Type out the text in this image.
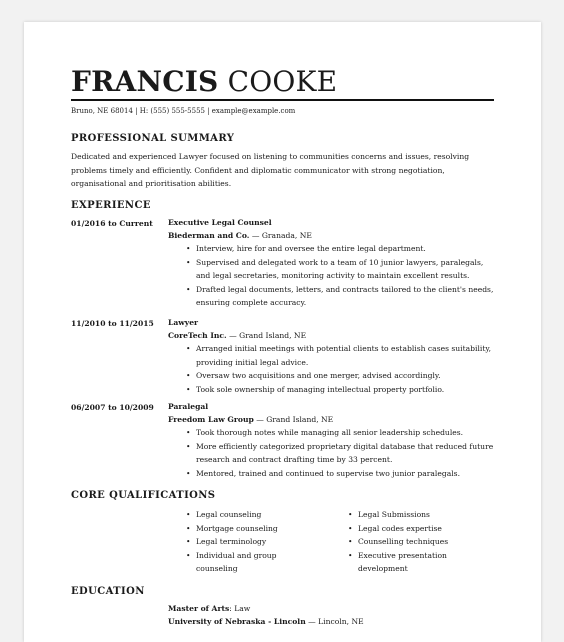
FRANCIS COOKE
Bruno, NE 68014 | H: (555) 555-5555 | example@example.com
PROFESSIONAL SUMMARY
Dedicated and experienced Lawyer focused on listening to communities concerns and issues, resolving problems timely and efficiently. Confident and diplomatic communicator with strong negotiation, organisational and prioritisation abilities.
EXPERIENCE
01/2016 to Current Executive Legal Counsel
Biederman and Co. — Granada, NE
• Interview, hire for and oversee the entire legal department.
• Supervised and delegated work to a team of 10 junior lawyers, paralegals, and legal secretaries, monitoring activity to maintain excellent results.
• Drafted legal documents, letters, and contracts tailored to the client's needs, ensuring complete accuracy.
11/2010 to 11/2015 Lawyer
CoreTech Inc. — Grand Island, NE
• Arranged initial meetings with potential clients to establish cases suitability, providing initial legal advice.
• Oversaw two acquisitions and one merger, advised accordingly.
• Took sole ownership of managing intellectual property portfolio.
06/2007 to 10/2009 Paralegal
Freedom Law Group — Grand Island, NE
• Took thorough notes while managing all senior leadership schedules.
• More efficiently categorized proprietary digital database that reduced future research and contract drafting time by 33 percent.
• Mentored, trained and continued to supervise two junior paralegals.
CORE QUALIFICATIONS
• Legal counseling
• Mortgage counseling
• Legal terminology
• Individual and group counseling
• Legal Submissions
• Legal codes expertise
• Counselling techniques
• Executive presentation development
EDUCATION
Master of Arts: Law
University of Nebraska - Lincoln — Lincoln, NE
